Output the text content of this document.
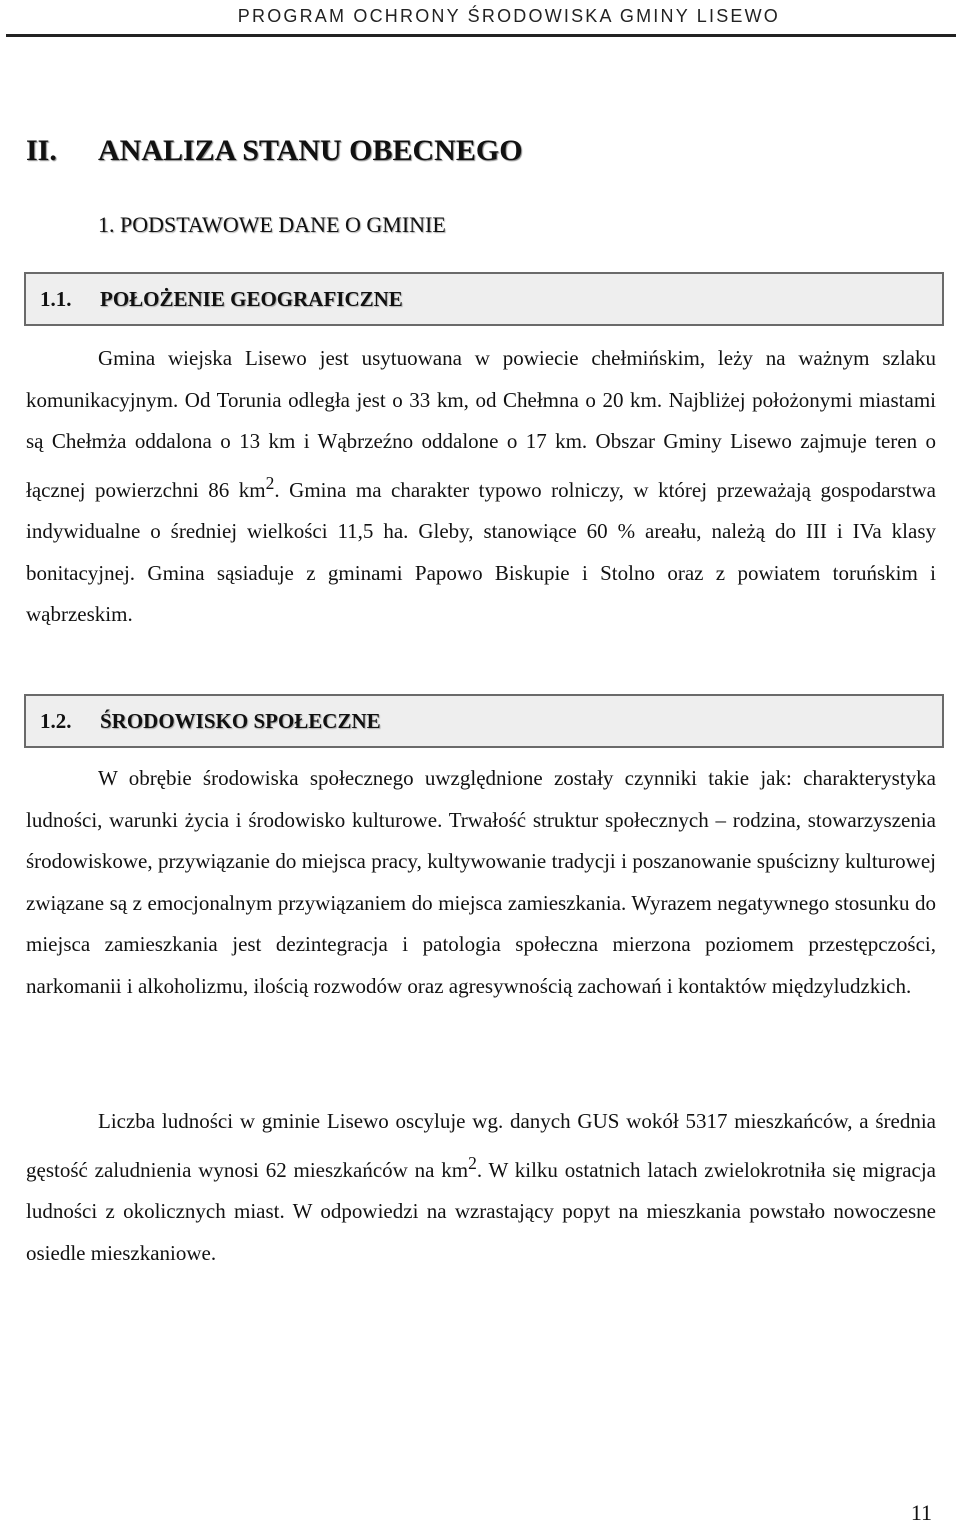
PROGRAM OCHRONY ŚRODOWISKA GMINY LISEWO
II. ANALIZA STANU OBECNEGO
1. PODSTAWOWE DANE O GMINIE
1.1. POŁOŻENIE GEOGRAFICZNE

Gmina wiejska Lisewo jest usytuowana w powiecie chełmińskim, leży na ważnym szlaku komunikacyjnym. Od Torunia odległa jest o 33 km, od Chełmna o 20 km. Najbliżej położonymi miastami są Chełmża oddalona o 13 km i Wąbrzeźno oddalone o 17 km. Obszar Gminy Lisewo zajmuje teren o łącznej powierzchni 86 $km^2$. Gmina ma charakter typowo rolniczy, w której przeważają gospodarstwa indywidualne o średniej wielkości 11,5 ha. Gleby, stanowiące 60 % areału, należą do III i IVa klasy bonitacyjnej. Gmina sąsiaduje z gminami Papowo Biskupie i Stolno oraz z powiatem toruńskim i wąbrzeskim.

1.2. ŚRODOWISKO SPOŁECZNE

W obrębie środowiska społecznego uwzględnione zostały czynniki takie jak: charakterystyka ludności, warunki życia i środowisko kulturowe. Trwałość struktur społecznych – rodzina, stowarzyszenia środowiskowe, przywiązanie do miejsca pracy, kultywowanie tradycji i poszanowanie spuścizny kulturowej związane są z emocjonalnym przywiązaniem do miejsca zamieszkania. Wyrazem negatywnego stosunku do miejsca zamieszkania jest dezintegracja i patologia społeczna mierzona poziomem przestępczości, narkomanii i alkoholizmu, ilością rozwodów oraz agresywnością zachowań i kontaktów międzyludzkich.

Liczba ludności w gminie Lisewo oscyluje wg. danych GUS wokół 5317 mieszkańców, a średnia gęstość zaludnienia wynosi 62 mieszkańców na $km^2$. W kilku ostatnich latach zwielokrotniła się migracja ludności z okolicznych miast. W odpowiedzi na wzrastający popyt na mieszkania powstało nowoczesne osiedle mieszkaniowe.

11
